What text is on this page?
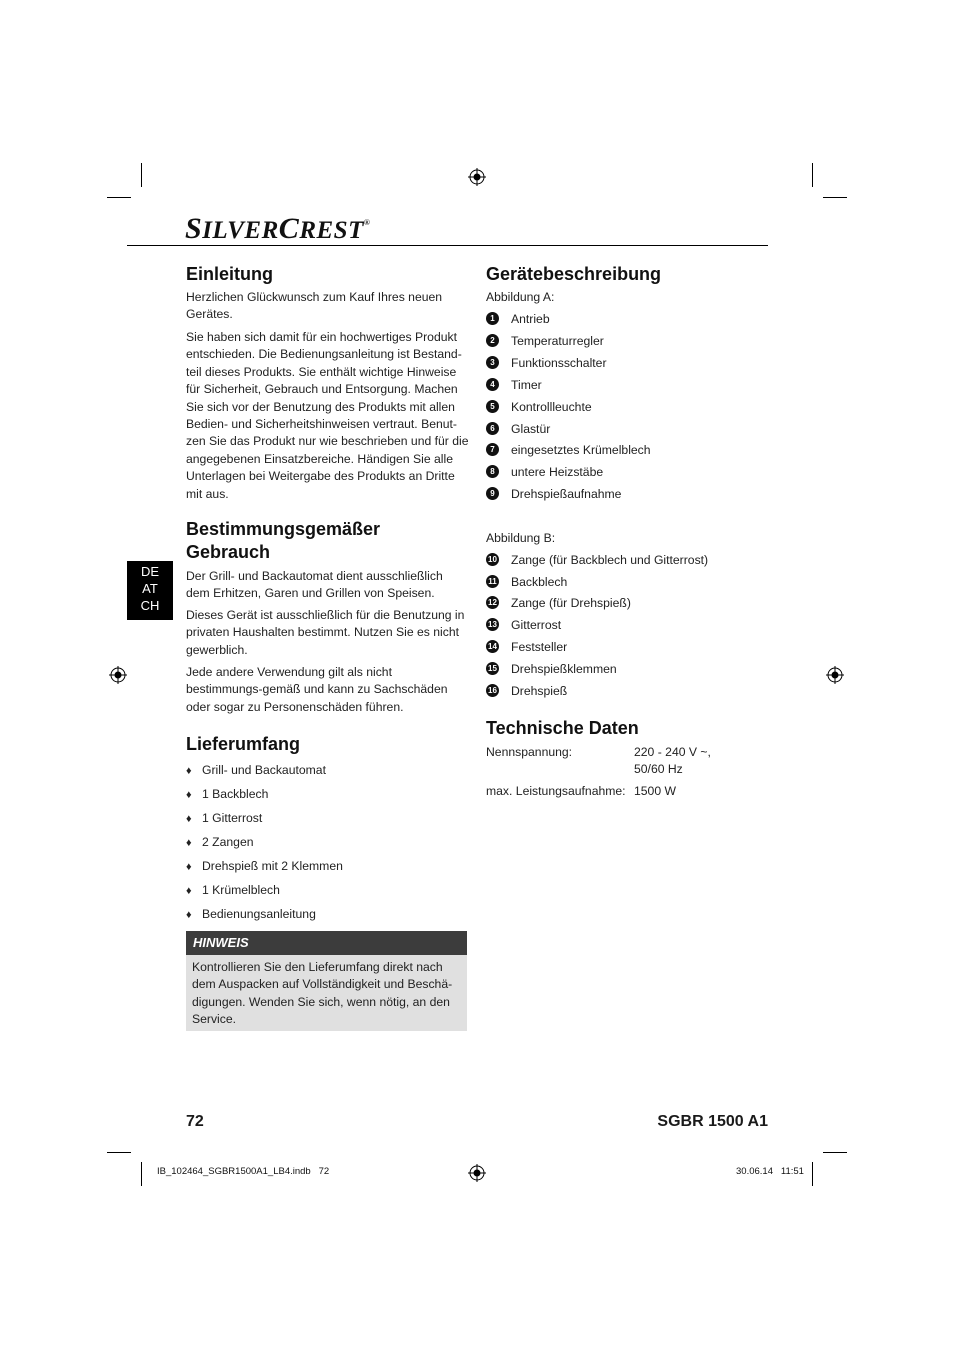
SILVERCREST®
DE
AT
CH
Einleitung

Herzlichen Glückwunsch zum Kauf Ihres neuen Gerätes.

Sie haben sich damit für ein hochwertiges Produkt entschieden. Die Bedienungsanleitung ist Bestand-teil dieses Produkts. Sie enthält wichtige Hinweise für Sicherheit, Gebrauch und Entsorgung. Machen Sie sich vor der Benutzung des Produkts mit allen Bedien- und Sicherheitshinweisen vertraut. Benut-zen Sie das Produkt nur wie beschrieben und für die angegebenen Einsatzbereiche. Händigen Sie alle Unterlagen bei Weitergabe des Produkts an Dritte mit aus.

Bestimmungsgemäßer
Gebrauch

Der Grill- und Backautomat dient ausschließlich dem Erhitzen, Garen und Grillen von Speisen.

Dieses Gerät ist ausschließlich für die Benutzung in privaten Haushalten bestimmt. Nutzen Sie es nicht gewerblich.

Jede andere Verwendung gilt als nicht bestimmungs-gemäß und kann zu Sachschäden oder sogar zu Personenschäden führen.

Lieferumfang
♦ Grill- und Backautomat
♦ 1 Backblech
♦ 1 Gitterrost
♦ 2 Zangen
♦ Drehspieß mit 2 Klemmen
♦ 1 Krümelblech
♦ Bedienungsanleitung
HINWEIS
Kontrollieren Sie den Lieferumfang direkt nach dem Auspacken auf Vollständigkeit und Beschä-digungen. Wenden Sie sich, wenn nötig, an den Service.
Gerätebeschreibung
Abbildung A:
1 Antrieb
2 Temperaturregler
3 Funktionsschalter
4 Timer
5 Kontrollleuchte
6 Glastür
7 eingesetztes Krümelblech
8 untere Heizstäbe
9 Drehspießaufnahme
Abbildung B:
10 Zange (für Backblech und Gitterrost)
11 Backblech
12 Zange (für Drehspieß)
13 Gitterrost
14 Feststeller
15 Drehspießklemmen
16 Drehspieß
Technische Daten
Nennspannung:	220 - 240 V ~,
50/60 Hz
max. Leistungsaufnahme: 1500 W
72	SGBR 1500 A1
IB_102464_SGBR1500A1_LB4.indb   72	30.06.14   11:51
